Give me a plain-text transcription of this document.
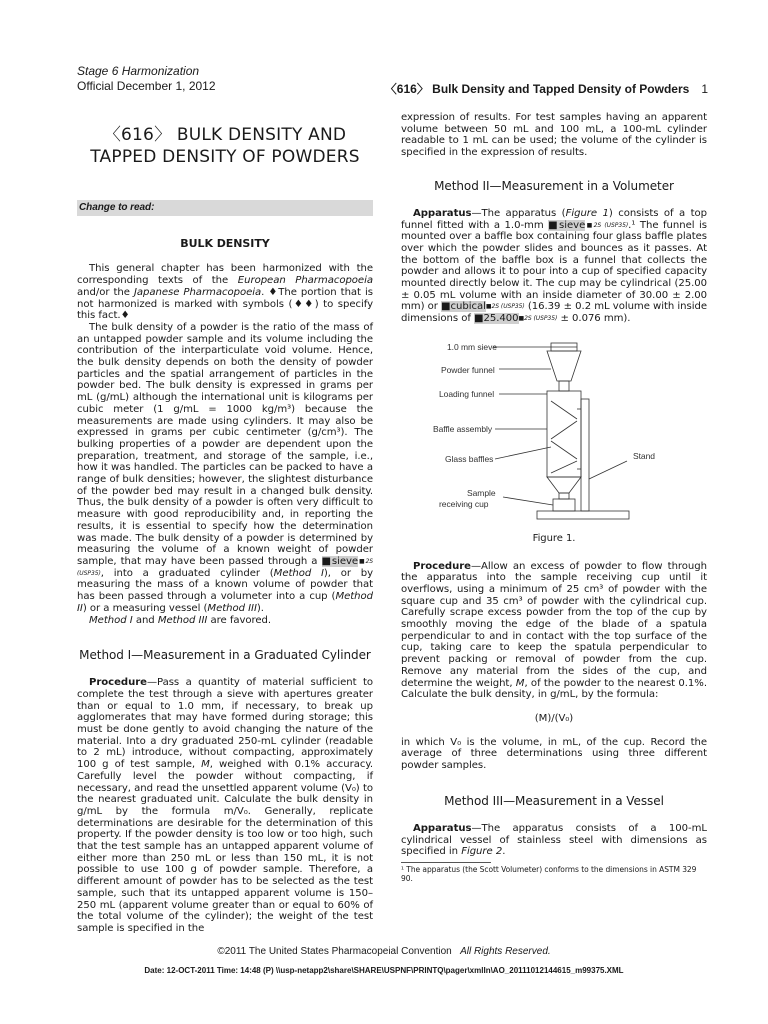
Stage 6 Harmonization
Official December 1, 2012	〈616〉 Bulk Density and Tapped Density of Powders 1
〈616〉 BULK DENSITY AND
TAPPED DENSITY OF POWDERS
Change to read:
BULK DENSITY

This general chapter has been harmonized with the corresponding texts of the European Pharmacopoeia and/or the Japanese Pharmacopoeia. ♦The portion that is not harmonized is marked with symbols (♦♦) to specify this fact.♦

The bulk density of a powder is the ratio of the mass of an untapped powder sample and its volume including the contribution of the interparticulate void volume. Hence, the bulk density depends on both the density of powder particles and the spatial arrangement of particles in the powder bed. The bulk density is expressed in grams per mL (g/mL) although the international unit is kilograms per cubic meter (1 g/mL = 1000 kg/m³) because the measurements are made using cylinders. It may also be expressed in grams per cubic centimeter (g/cm³). The bulking properties of a powder are dependent upon the preparation, treatment, and storage of the sample, i.e., how it was handled. The particles can be packed to have a range of bulk densities; however, the slightest disturbance of the powder bed may result in a changed bulk density. Thus, the bulk density of a powder is often very difficult to measure with good reproducibility and, in reporting the results, it is essential to specify how the determination was made. The bulk density of a powder is determined by measuring the volume of a known weight of powder sample, that may have been passed through a ■sieve■2S (USP35), into a graduated cylinder (Method I), or by measuring the mass of a known volume of powder that has been passed through a volumeter into a cup (Method II) or a measuring vessel (Method III).

Method I and Method III are favored.

Method I—Measurement in a Graduated Cylinder

Procedure—Pass a quantity of material sufficient to complete the test through a sieve with apertures greater than or equal to 1.0 mm, if necessary, to break up agglomerates that may have formed during storage; this must be done gently to avoid changing the nature of the material. Into a dry graduated 250-mL cylinder (readable to 2 mL) introduce, without compacting, approximately 100 g of test sample, M, weighed with 0.1% accuracy. Carefully level the powder without compacting, if necessary, and read the unsettled apparent volume (V₀) to the nearest graduated unit. Calculate the bulk density in g/mL by the formula m/V₀. Generally, replicate determinations are desirable for the determination of this property. If the powder density is too low or too high, such that the test sample has an untapped apparent volume of either more than 250 mL or less than 150 mL, it is not possible to use 100 g of powder sample. Therefore, a different amount of powder has to be selected as the test sample, such that its untapped apparent volume is 150–250 mL (apparent volume greater than or equal to 60% of the total volume of the cylinder); the weight of the test sample is specified in the

expression of results. For test samples having an apparent volume between 50 mL and 100 mL, a 100-mL cylinder readable to 1 mL can be used; the volume of the cylinder is specified in the expression of results.

Method II—Measurement in a Volumeter

Apparatus—The apparatus (Figure 1) consists of a top funnel fitted with a 1.0-mm ■sieve■2S (USP35).¹ The funnel is mounted over a baffle box containing four glass baffle plates over which the powder slides and bounces as it passes. At the bottom of the baffle box is a funnel that collects the powder and allows it to pour into a cup of specified capacity mounted directly below it. The cup may be cylindrical (25.00 ± 0.05 mL volume with an inside diameter of 30.00 ± 2.00 mm) or ■cubical■2S (USP35) (16.39 ± 0.2 mL volume with inside dimensions of ■25.400■2S (USP35) ± 0.076 mm).

1.0 mm sieve
Powder funnel
Loading funnel
Baffle assembly
Glass baffles	Stand
Sample
receiving cup
Figure 1.

Procedure—Allow an excess of powder to flow through the apparatus into the sample receiving cup until it overflows, using a minimum of 25 cm³ of powder with the square cup and 35 cm³ of powder with the cylindrical cup. Carefully scrape excess powder from the top of the cup by smoothly moving the edge of the blade of a spatula perpendicular to and in contact with the top surface of the cup, taking care to keep the spatula perpendicular to prevent packing or removal of powder from the cup. Remove any material from the sides of the cup, and determine the weight, M, of the powder to the nearest 0.1%. Calculate the bulk density, in g/mL, by the formula:

(M)/(V₀)

in which V₀ is the volume, in mL, of the cup. Record the average of three determinations using three different powder samples.

Method III—Measurement in a Vessel

Apparatus—The apparatus consists of a 100-mL cylindrical vessel of stainless steel with dimensions as specified in Figure 2.

¹ The apparatus (the Scott Volumeter) conforms to the dimensions in ASTM 329 90.
©2011 The United States Pharmacopeial Convention All Rights Reserved.
Date: 12-OCT-2011 Time: 14:48 (P) \\usp-netapp2\share\SHARE\USPNF\PRINTQ\pager\xmlIn\AO_20111012144615_m99375.XML
